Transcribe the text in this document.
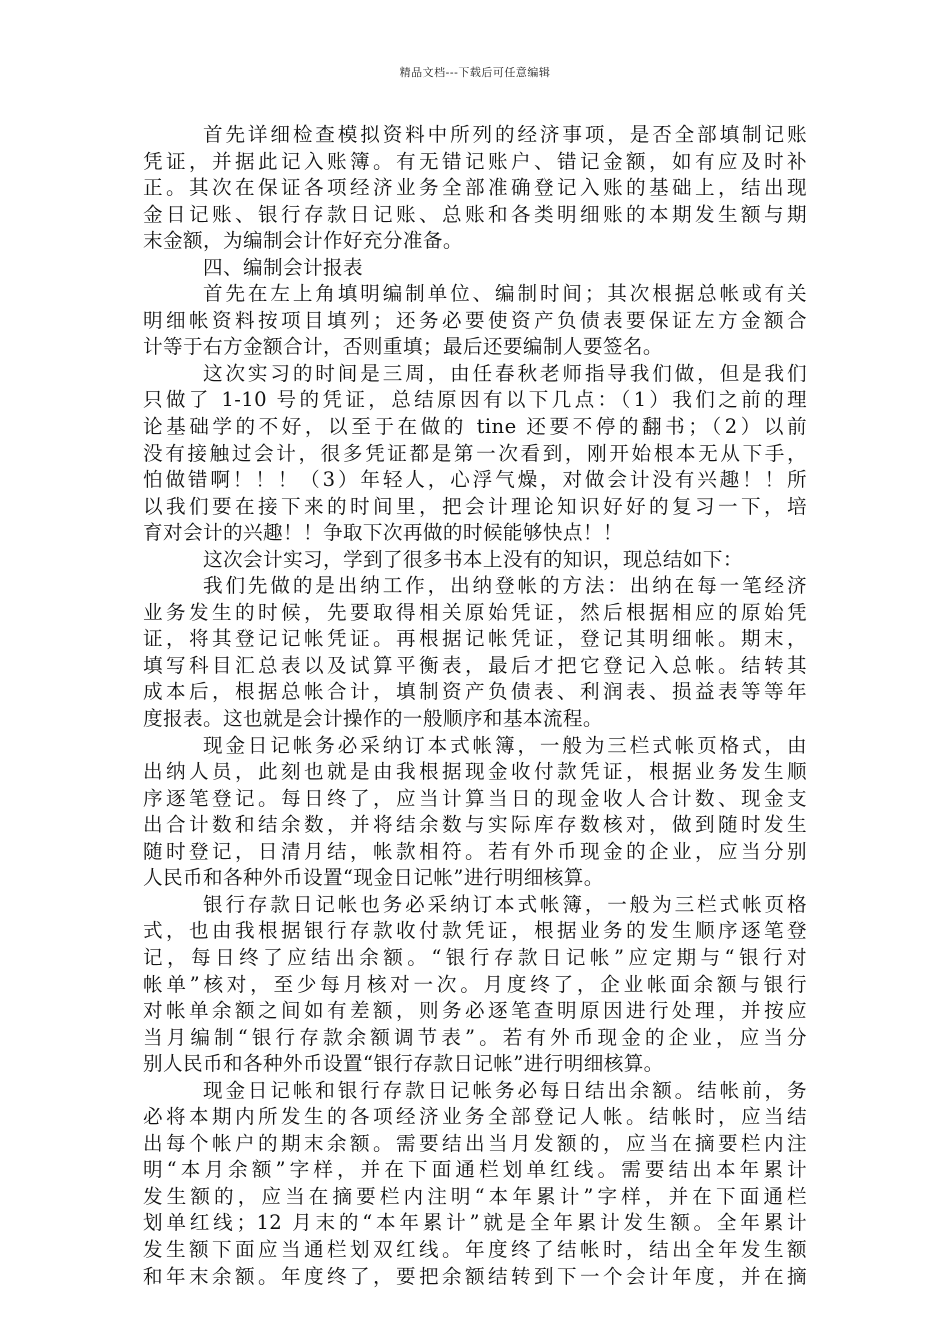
精品文档---下载后可任意编辑
首先详细检查模拟资料中所列的经济事项，是否全部填制记账
凭证，并据此记入账簿。有无错记账户、错记金额，如有应及时补
正。其次在保证各项经济业务全部准确登记入账的基础上，结出现
金日记账、银行存款日记账、总账和各类明细账的本期发生额与期
末金额，为编制会计作好充分准备。
四、编制会计报表
首先在左上角填明编制单位、编制时间；其次根据总帐或有关
明细帐资料按项目填列；还务必要使资产负债表要保证左方金额合
计等于右方金额合计，否则重填；最后还要编制人要签名。
这次实习的时间是三周，由任春秋老师指导我们做，但是我们
只做了 1-10 号的凭证，总结原因有以下几点：（1）我们之前的理
论基础学的不好，以至于在做的 tine 还要不停的翻书；（2）以前
没有接触过会计，很多凭证都是第一次看到，刚开始根本无从下手，
怕做错啊！！！（3）年轻人，心浮气燥，对做会计没有兴趣！！所
以我们要在接下来的时间里，把会计理论知识好好的复习一下，培
育对会计的兴趣！！争取下次再做的时候能够快点！！
这次会计实习，学到了很多书本上没有的知识，现总结如下：
我们先做的是出纳工作，出纳登帐的方法：出纳在每一笔经济
业务发生的时候，先要取得相关原始凭证，然后根据相应的原始凭
证，将其登记记帐凭证。再根据记帐凭证，登记其明细帐。期末，
填写科目汇总表以及试算平衡表，最后才把它登记入总帐。结转其
成本后，根据总帐合计，填制资产负债表、利润表、损益表等等年
度报表。这也就是会计操作的一般顺序和基本流程。
现金日记帐务必采纳订本式帐簿，一般为三栏式帐页格式，由
出纳人员，此刻也就是由我根据现金收付款凭证，根据业务发生顺
序逐笔登记。每日终了，应当计算当日的现金收人合计数、现金支
出合计数和结余数，并将结余数与实际库存数核对，做到随时发生
随时登记，日清月结，帐款相符。若有外币现金的企业，应当分别
人民币和各种外币设置“现金日记帐”进行明细核算。
银行存款日记帐也务必采纳订本式帐簿，一般为三栏式帐页格
式，也由我根据银行存款收付款凭证，根据业务的发生顺序逐笔登
记，每日终了应结出余额。“银行存款日记帐”应定期与“银行对
帐单”核对，至少每月核对一次。月度终了，企业帐面余额与银行
对帐单余额之间如有差额，则务必逐笔查明原因进行处理，并按应
当月编制“银行存款余额调节表”。若有外币现金的企业，应当分
别人民币和各种外币设置“银行存款日记帐”进行明细核算。
现金日记帐和银行存款日记帐务必每日结出余额。结帐前，务
必将本期内所发生的各项经济业务全部登记人帐。结帐时，应当结
出每个帐户的期末余额。需要结出当月发额的，应当在摘要栏内注
明“本月余额”字样，并在下面通栏划单红线。需要结出本年累计
发生额的，应当在摘要栏内注明“本年累计”字样，并在下面通栏
划单红线；12 月末的“本年累计”就是全年累计发生额。全年累计
发生额下面应当通栏划双红线。年度终了结帐时，结出全年发生额
和年末余额。年度终了，要把余额结转到下一个会计年度，并在摘
